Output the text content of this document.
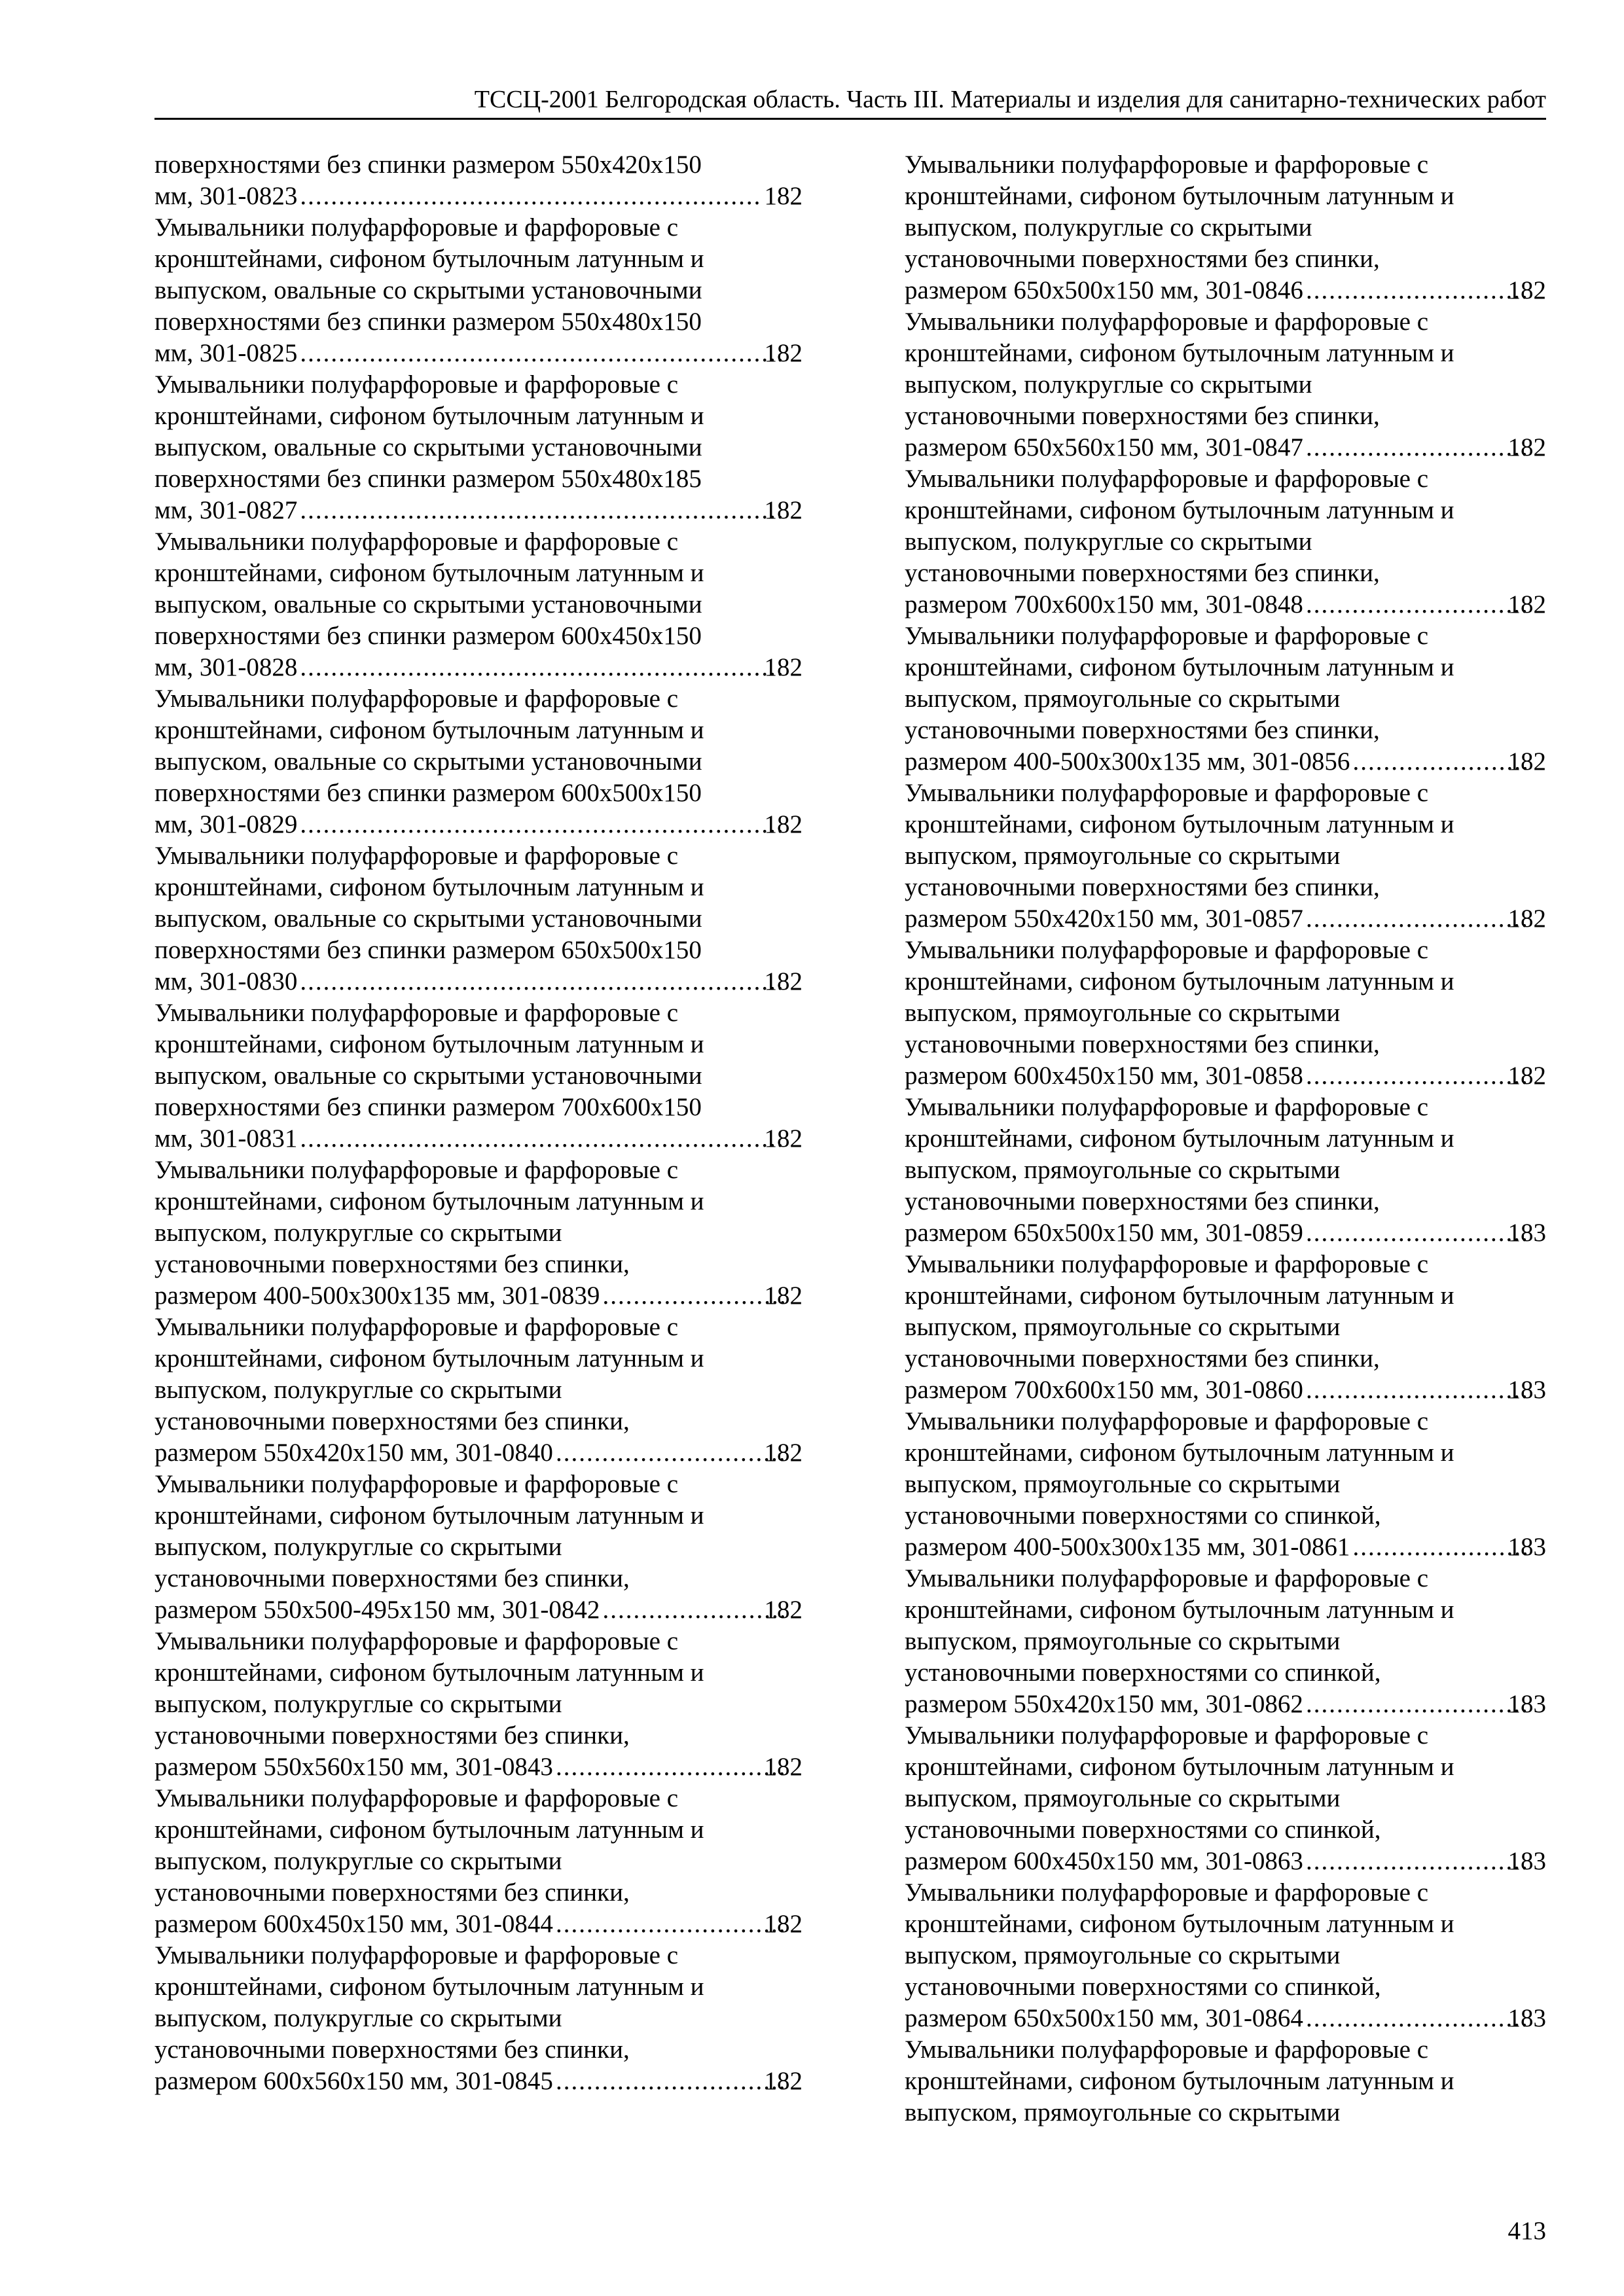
ТССЦ-2001 Белгородская область. Часть III. Материалы и изделия для санитарно-технических работ
поверхностями без спинки размером 550x420x150
мм, 301-0823 .....	182
Умывальники полуфарфоровые и фарфоровые с
кронштейнами, сифоном бутылочным латунным и
выпуском, овальные со скрытыми установочными
поверхностями без спинки размером 550x480x150
мм, 301-0825 .....	182
Умывальники полуфарфоровые и фарфоровые с
кронштейнами, сифоном бутылочным латунным и
выпуском, овальные со скрытыми установочными
поверхностями без спинки размером 550x480x185
мм, 301-0827 .....	182
Умывальники полуфарфоровые и фарфоровые с
кронштейнами, сифоном бутылочным латунным и
выпуском, овальные со скрытыми установочными
поверхностями без спинки размером 600x450x150
мм, 301-0828 .....	182
Умывальники полуфарфоровые и фарфоровые с
кронштейнами, сифоном бутылочным латунным и
выпуском, овальные со скрытыми установочными
поверхностями без спинки размером 600x500x150
мм, 301-0829 .....	182
Умывальники полуфарфоровые и фарфоровые с
кронштейнами, сифоном бутылочным латунным и
выпуском, овальные со скрытыми установочными
поверхностями без спинки размером 650x500x150
мм, 301-0830 .....	182
Умывальники полуфарфоровые и фарфоровые с
кронштейнами, сифоном бутылочным латунным и
выпуском, овальные со скрытыми установочными
поверхностями без спинки размером 700x600x150
мм, 301-0831 .....	182
Умывальники полуфарфоровые и фарфоровые с
кронштейнами, сифоном бутылочным латунным и
выпуском, полукруглые со скрытыми
установочными поверхностями без спинки,
размером 400-500x300x135 мм, 301-0839 .....	182
Умывальники полуфарфоровые и фарфоровые с
кронштейнами, сифоном бутылочным латунным и
выпуском, полукруглые со скрытыми
установочными поверхностями без спинки,
размером 550x420x150 мм, 301-0840 .....	182
Умывальники полуфарфоровые и фарфоровые с
кронштейнами, сифоном бутылочным латунным и
выпуском, полукруглые со скрытыми
установочными поверхностями без спинки,
размером 550x500-495x150 мм, 301-0842 .....	182
Умывальники полуфарфоровые и фарфоровые с
кронштейнами, сифоном бутылочным латунным и
выпуском, полукруглые со скрытыми
установочными поверхностями без спинки,
размером 550x560x150 мм, 301-0843 .....	182
Умывальники полуфарфоровые и фарфоровые с
кронштейнами, сифоном бутылочным латунным и
выпуском, полукруглые со скрытыми
установочными поверхностями без спинки,
размером 600x450x150 мм, 301-0844 .....	182
Умывальники полуфарфоровые и фарфоровые с
кронштейнами, сифоном бутылочным латунным и
выпуском, полукруглые со скрытыми
установочными поверхностями без спинки,
размером 600x560x150 мм, 301-0845 .....	182
Умывальники полуфарфоровые и фарфоровые с
кронштейнами, сифоном бутылочным латунным и
выпуском, полукруглые со скрытыми
установочными поверхностями без спинки,
размером 650x500x150 мм, 301-0846 .....	182
Умывальники полуфарфоровые и фарфоровые с
кронштейнами, сифоном бутылочным латунным и
выпуском, полукруглые со скрытыми
установочными поверхностями без спинки,
размером 650x560x150 мм, 301-0847 .....	182
Умывальники полуфарфоровые и фарфоровые с
кронштейнами, сифоном бутылочным латунным и
выпуском, полукруглые со скрытыми
установочными поверхностями без спинки,
размером 700x600x150 мм, 301-0848 .....	182
Умывальники полуфарфоровые и фарфоровые с
кронштейнами, сифоном бутылочным латунным и
выпуском, прямоугольные со скрытыми
установочными поверхностями без спинки,
размером 400-500x300x135 мм, 301-0856 .....	182
Умывальники полуфарфоровые и фарфоровые с
кронштейнами, сифоном бутылочным латунным и
выпуском, прямоугольные со скрытыми
установочными поверхностями без спинки,
размером 550x420x150 мм, 301-0857 .....	182
Умывальники полуфарфоровые и фарфоровые с
кронштейнами, сифоном бутылочным латунным и
выпуском, прямоугольные со скрытыми
установочными поверхностями без спинки,
размером 600x450x150 мм, 301-0858 .....	182
Умывальники полуфарфоровые и фарфоровые с
кронштейнами, сифоном бутылочным латунным и
выпуском, прямоугольные со скрытыми
установочными поверхностями без спинки,
размером 650x500x150 мм, 301-0859 .....	183
Умывальники полуфарфоровые и фарфоровые с
кронштейнами, сифоном бутылочным латунным и
выпуском, прямоугольные со скрытыми
установочными поверхностями без спинки,
размером 700x600x150 мм, 301-0860 .....	183
Умывальники полуфарфоровые и фарфоровые с
кронштейнами, сифоном бутылочным латунным и
выпуском, прямоугольные со скрытыми
установочными поверхностями со спинкой,
размером 400-500x300x135 мм, 301-0861 .....	183
Умывальники полуфарфоровые и фарфоровые с
кронштейнами, сифоном бутылочным латунным и
выпуском, прямоугольные со скрытыми
установочными поверхностями со спинкой,
размером 550x420x150 мм, 301-0862 .....	183
Умывальники полуфарфоровые и фарфоровые с
кронштейнами, сифоном бутылочным латунным и
выпуском, прямоугольные со скрытыми
установочными поверхностями со спинкой,
размером 600x450x150 мм, 301-0863 .....	183
Умывальники полуфарфоровые и фарфоровые с
кронштейнами, сифоном бутылочным латунным и
выпуском, прямоугольные со скрытыми
установочными поверхностями со спинкой,
размером 650x500x150 мм, 301-0864 .....	183
Умывальники полуфарфоровые и фарфоровые с
кронштейнами, сифоном бутылочным латунным и
выпуском, прямоугольные со скрытыми
413
